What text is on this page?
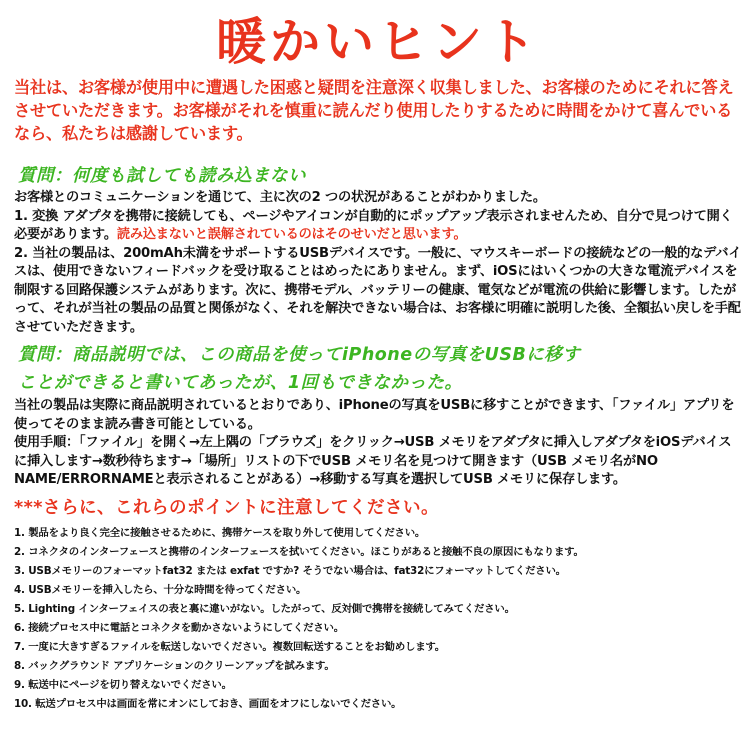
暖かいヒント

当社は、お客様が使用中に遭遇した困惑と疑問を注意深く収集しました、お客様のためにそれに答えさせていただきます。お客様がそれを慎重に読んだり使用したりするために時間をかけて喜んでいるなら、私たちは感謝しています。

質問：何度も試しても読み込まない

お客様とのコミュニケーションを通じて、主に次の2 つの状況があることがわかりました。

1. 変換 アダプタを携帯に接続しても、ページやアイコンが自動的にポップアップ表示されませんため、自分で見つけて開く必要があります。読み込まないと誤解されているのはそのせいだと思います。

2. 当社の製品は、200mAh未満をサポートするUSBデバイスです。一般に、マウスキーボードの接続などの一般的なデバイスは、使用できないフィードバックを受け取ることはめったにありません。まず、iOSにはいくつかの大きな電流デバイスを制限する回路保護システムがあります。次に、携帯モデル、バッテリーの健康、電気などが電流の供給に影響します。したがって、それが当社の製品の品質と関係がなく、それを解決できない場合は、お客様に明確に説明した後、全額払い戻しを手配させていただきます。

質問：商品説明では、この商品を使ってiPhoneの写真をUSBに移す
ことができると書いてあったが、1回もできなかった。

当社の製品は実際に商品説明されているとおりであり、iPhoneの写真をUSBに移すことができます、「ファイル」アプリを使ってそのまま読み書き可能としている。

使用手順：「ファイル」を開く→左上隅の「ブラウズ」をクリック→USB メモリをアダプタに挿入しアダプタをiOSデバイスに挿入します→数秒待ちます→「場所」リストの下でUSB メモリ名を見つけて開きます（USB メモリ名がNO NAME/ERRORNAMEと表示されることがある）→移動する写真を選択してUSB メモリに保存します。

***さらに、これらのポイントに注意してください。
1. 製品をより良く完全に接触させるために、携帯ケースを取り外して使用してください。
2. コネクタのインターフェースと携帯のインターフェースを拭いてください。ほこりがあると接触不良の原因にもなります。
3. USBメモリーのフォーマットfat32 または exfat ですか? そうでない場合は、fat32にフォーマットしてください。
4. USBメモリーを挿入したら、十分な時間を待ってください。
5. Lighting インターフェイスの表と裏に違いがない。したがって、反対側で携帯を接続してみてください。
6. 接続プロセス中に電話とコネクタを動かさないようにしてください。
7. 一度に大きすぎるファイルを転送しないでください。複数回転送することをお勧めします。
8. バックグラウンド アプリケーションのクリーンアップを試みます。
9. 転送中にページを切り替えないでください。
10. 転送プロセス中は画面を常にオンにしておき、画面をオフにしないでください。
